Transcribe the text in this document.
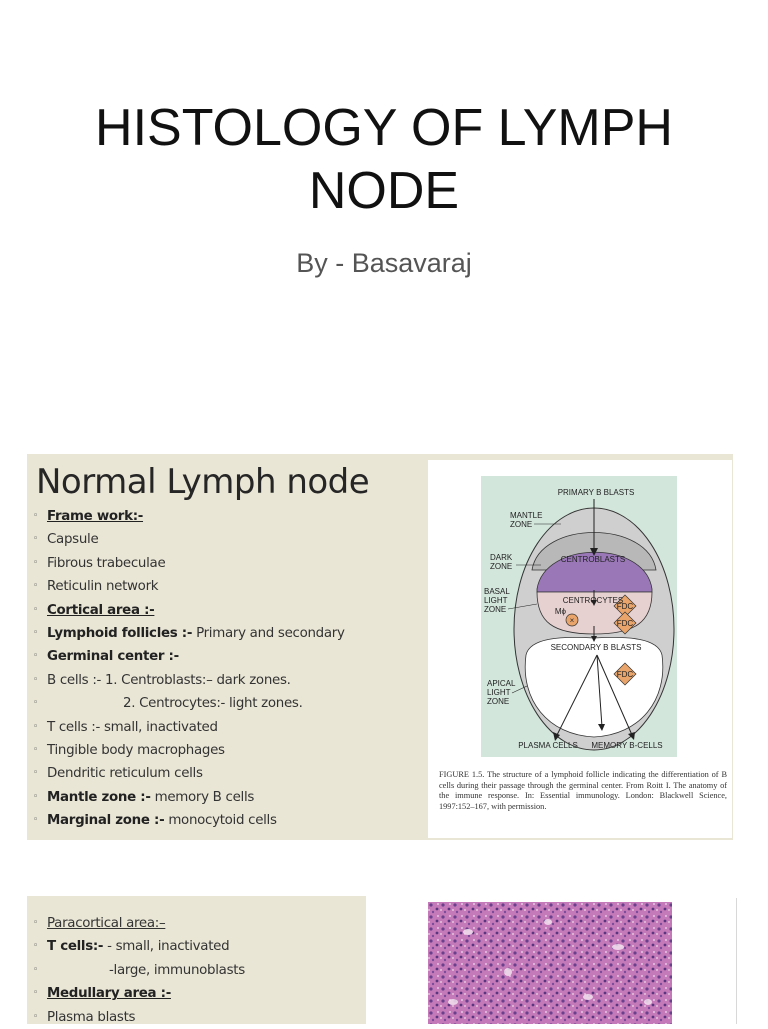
HISTOLOGY OF LYMPH
NODE
By - Basavaraj
Normal Lymph node
◦ Frame work:-
◦ Capsule
◦ Fibrous trabeculae
◦ Reticulin network
◦ Cortical area :-
◦ Lymphoid follicles :- Primary and secondary
◦ Germinal center :-
◦ B cells :- 1. Centroblasts:– dark zones.
◦	2. Centrocytes:- light zones.
◦ T cells :- small, inactivated
◦ Tingible body macrophages
◦ Dendritic reticulum cells
◦ Mantle zone :- memory B cells
◦ Marginal zone :- monocytoid cells
FDC
FDC
FDC
×
PRIMARY B BLASTS
MANTLE
ZONE
DARK
ZONE
BASAL
LIGHT
ZONE
CENTROBLASTS
CENTROCYTES
Mϕ
SECONDARY B BLASTS
APICAL
LIGHT
ZONE
PLASMA CELLS MEMORY B-CELLS
FIGURE 1.5. The structure of a lymphoid follicle indicating the differentiation of B cells during their passage through the germinal center. From Roitt I. The anatomy of the immune response. In: Essential immunology. London: Blackwell Science, 1997:152–167, with permission.
◦ Paracortical area:–
◦ T cells:- - small, inactivated
◦	-large, immunoblasts
◦ Medullary area :-
◦ Plasma blasts
